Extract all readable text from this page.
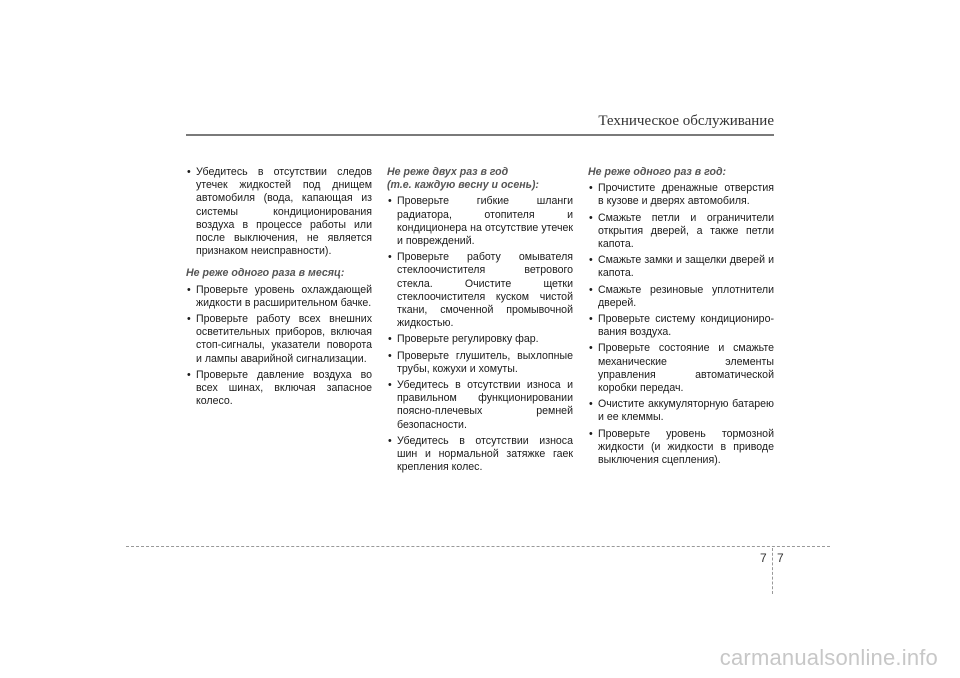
Техническое обслуживание
• Убедитесь в отсутствии следов утечек жидкостей под днищем автомобиля (вода, капающая из системы кондиционирования воздуха в процессе работы или после выключения, не является признаком неисправности).
Не реже одного раза в месяц:
• Проверьте уровень охлаждающей жидкости в расширительном бачке.
• Проверьте работу всех внешних осветительных приборов, включая стоп-сигналы, указатели поворота и лампы аварийной сигнализации.
• Проверьте давление воздуха во всех шинах, включая запасное колесо.
Не реже двух раз в год
(т.е. каждую весну и осень):
• Проверьте гибкие шланги радиатора, отопителя и кондиционера на отсутствие утечек и повреждений.
• Проверьте работу омывателя стеклоочистителя ветрового стекла. Очистите щетки стеклоочистителя куском чистой ткани, смоченной промывочной жидкостью.
• Проверьте регулировку фар.
• Проверьте глушитель, выхлопные трубы, кожухи и хомуты.
• Убедитесь в отсутствии износа и правильном функционировании поясно-плечевых ремней безопасности.
• Убедитесь в отсутствии износа шин и нормальной затяжке гаек крепления колес.
Не реже одного раз в год:
• Прочистите дренажные отверстия в кузове и дверях автомобиля.
• Смажьте петли и ограничители открытия дверей, а также петли капота.
• Смажьте замки и защелки дверей и капота.
• Смажьте резиновые уплотнители дверей.
• Проверьте систему кондициониро-вания воздуха.
• Проверьте состояние и смажьте механические элементы управления автоматической коробки передач.
• Очистите аккумуляторную батарею и ее клеммы.
• Проверьте уровень тормозной жидкости (и жидкости в приводе выключения сцепления).
7 7
carmanualsonline.info
